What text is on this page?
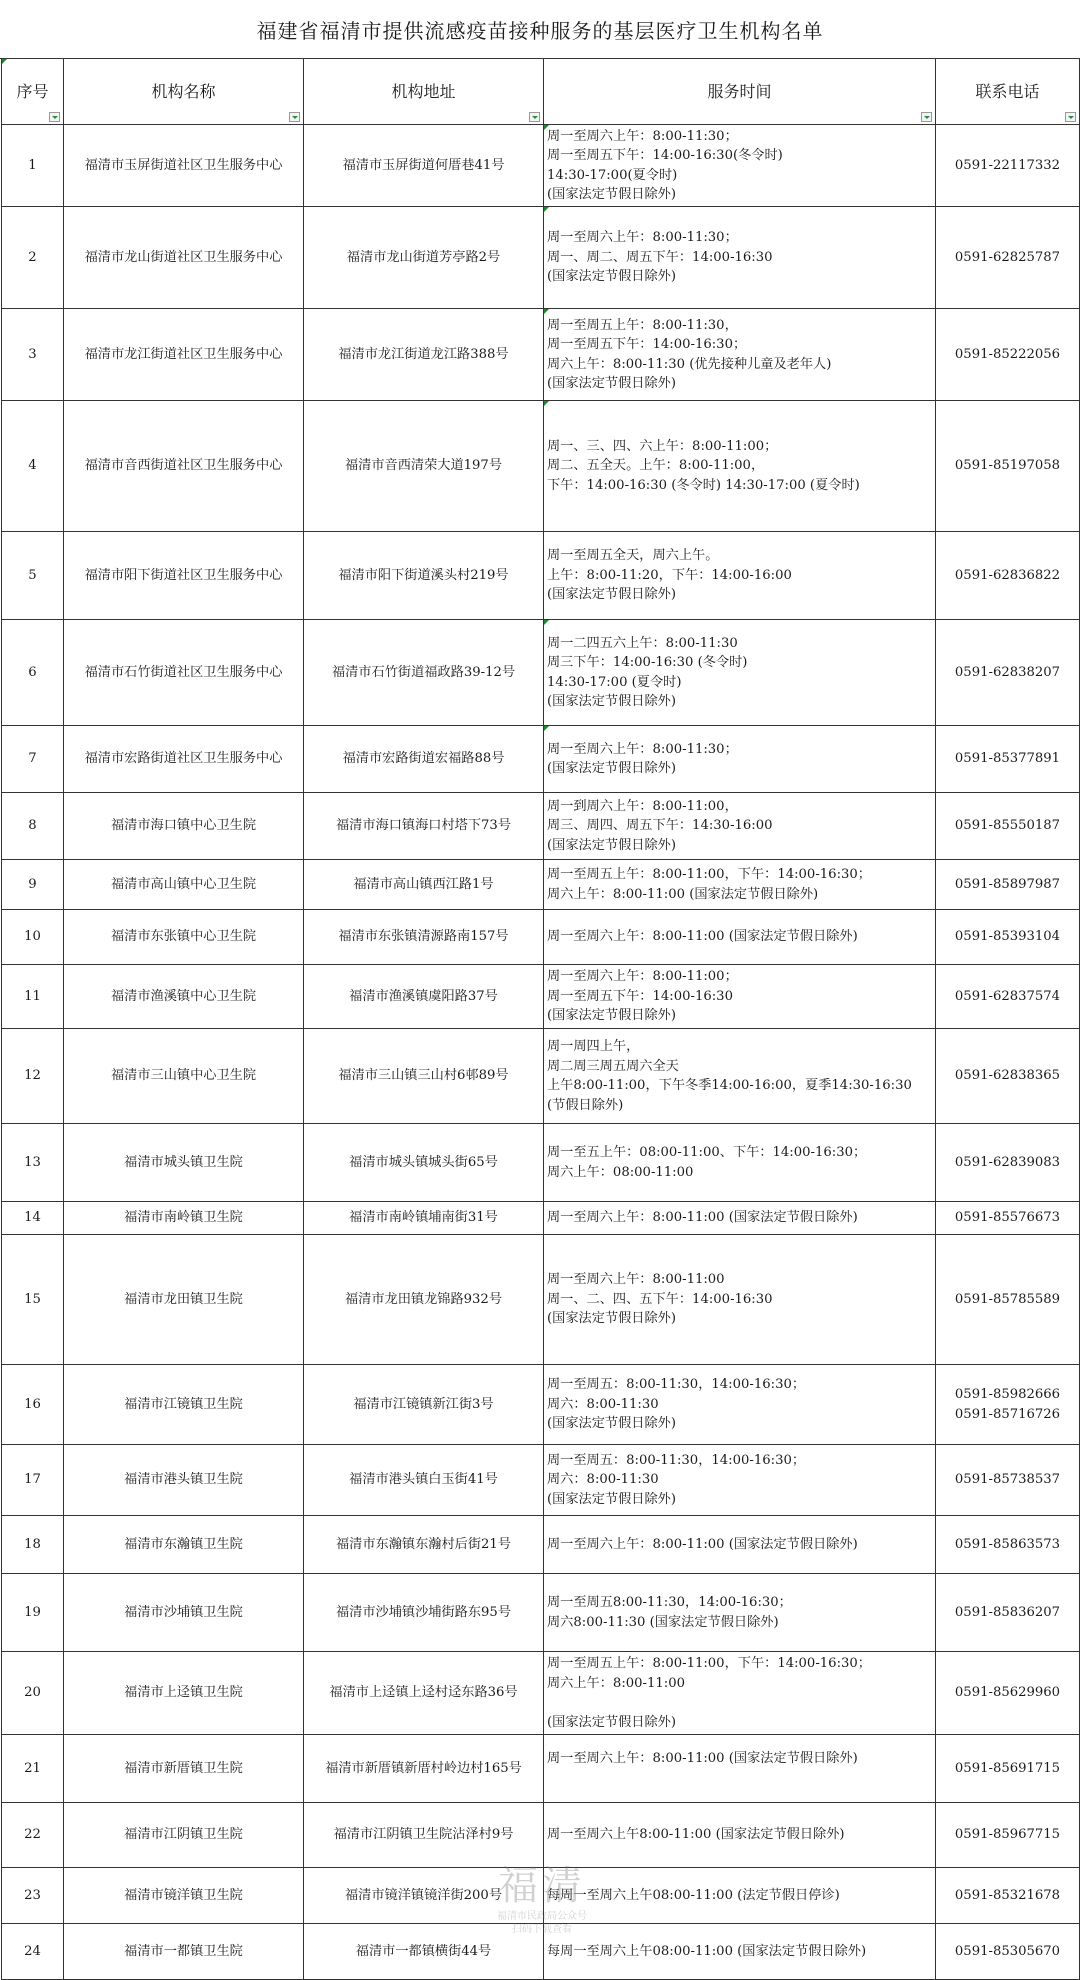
福建省福清市提供流感疫苗接种服务的基层医疗卫生机构名单
序号	机构名称	机构地址	服务时间	联系电话

1	福清市玉屏街道社区卫生服务中心	福清市玉屏街道何厝巷41号	周一至周六上午：8:00-11:30；
周一至周五下午：14:00-16:30(冬令时)
14:30-17:00(夏令时)
(国家法定节假日除外)	0591-22117332
2	福清市龙山街道社区卫生服务中心	福清市龙山街道芳亭路2号	周一至周六上午：8:00-11:30；
周一、周二、周五下午：14:00-16:30
(国家法定节假日除外)	0591-62825787
3	福清市龙江街道社区卫生服务中心	福清市龙江街道龙江路388号	周一至周五上午：8:00-11:30，
周一至周五下午：14:00-16:30；
周六上午：8:00-11:30 (优先接种儿童及老年人)
(国家法定节假日除外)	0591-85222056
4	福清市音西街道社区卫生服务中心	福清市音西清荣大道197号	周一、三、四、六上午：8:00-11:00；
周二、五全天。上午：8:00-11:00，
下午：14:00-16:30 (冬令时) 14:30-17:00 (夏令时)	0591-85197058
5	福清市阳下街道社区卫生服务中心	福清市阳下街道溪头村219号	周一至周五全天，周六上午。
上午：8:00-11:20，下午：14:00-16:00
(国家法定节假日除外)	0591-62836822
6	福清市石竹街道社区卫生服务中心	福清市石竹街道福政路39-12号	周一二四五六上午：8:00-11:30
周三下午：14:00-16:30 (冬令时)
14:30-17:00 (夏令时)
(国家法定节假日除外)	0591-62838207
7	福清市宏路街道社区卫生服务中心	福清市宏路街道宏福路88号	周一至周六上午：8:00-11:30；
(国家法定节假日除外)	0591-85377891
8	福清市海口镇中心卫生院	福清市海口镇海口村塔下73号	周一到周六上午：8:00-11:00，
周三、周四、周五下午：14:30-16:00
(国家法定节假日除外)	0591-85550187
9	福清市高山镇中心卫生院	福清市高山镇西江路1号	周一至周五上午：8:00-11:00，下午：14:00-16:30；
周六上午：8:00-11:00 (国家法定节假日除外)	0591-85897987
10	福清市东张镇中心卫生院	福清市东张镇清源路南157号	周一至周六上午：8:00-11:00 (国家法定节假日除外)	0591-85393104
11	福清市渔溪镇中心卫生院	福清市渔溪镇虞阳路37号	周一至周六上午：8:00-11:00；
周一至周五下午：14:00-16:30
(国家法定节假日除外)	0591-62837574
12	福清市三山镇中心卫生院	福清市三山镇三山村6邨89号	周一周四上午，
周二周三周五周六全天
上午8:00-11:00，下午冬季14:00-16:00，夏季14:30-16:30
(节假日除外)	0591-62838365
13	福清市城头镇卫生院	福清市城头镇城头街65号	周一至五上午：08:00-11:00、下午：14:00-16:30；
周六上午：08:00-11:00	0591-62839083
14	福清市南岭镇卫生院	福清市南岭镇埔南街31号	周一至周六上午：8:00-11:00 (国家法定节假日除外)	0591-85576673
15	福清市龙田镇卫生院	福清市龙田镇龙锦路932号	周一至周六上午：8:00-11:00
周一、二、四、五下午：14:00-16:30
(国家法定节假日除外)	0591-85785589
16	福清市江镜镇卫生院	福清市江镜镇新江街3号	周一至周五：8:00-11:30，14:00-16:30；
周六：8:00-11:30
(国家法定节假日除外)	0591-85982666
0591-85716726
17	福清市港头镇卫生院	福清市港头镇白玉街41号	周一至周五：8:00-11:30，14:00-16:30；
周六：8:00-11:30
(国家法定节假日除外)	0591-85738537
18	福清市东瀚镇卫生院	福清市东瀚镇东瀚村后街21号	周一至周六上午：8:00-11:00 (国家法定节假日除外)	0591-85863573
19	福清市沙埔镇卫生院	福清市沙埔镇沙埔街路东95号	周一至周五8:00-11:30，14:00-16:30；
周六8:00-11:30 (国家法定节假日除外)	0591-85836207
20	福清市上迳镇卫生院	福清市上迳镇上迳村迳东路36号	周一至周五上午：8:00-11:00，下午：14:00-16:30；
周六上午：8:00-11:00

(国家法定节假日除外)	0591-85629960
21	福清市新厝镇卫生院	福清市新厝镇新厝村岭边村165号	周一至周六上午：8:00-11:00 (国家法定节假日除外)	0591-85691715
22	福清市江阴镇卫生院	福清市江阴镇卫生院沾泽村9号	周一至周六上午8:00-11:00 (国家法定节假日除外)	0591-85967715
23	福清市镜洋镇卫生院	福清市镜洋镇镜洋街200号	每周一至周六上午08:00-11:00 (法定节假日停诊)	0591-85321678
24	福清市一都镇卫生院	福清市一都镇横街44号	每周一至周六上午08:00-11:00 (国家法定节假日除外)	0591-85305670
福清
福清市民政局公众号
扫码下载查看
